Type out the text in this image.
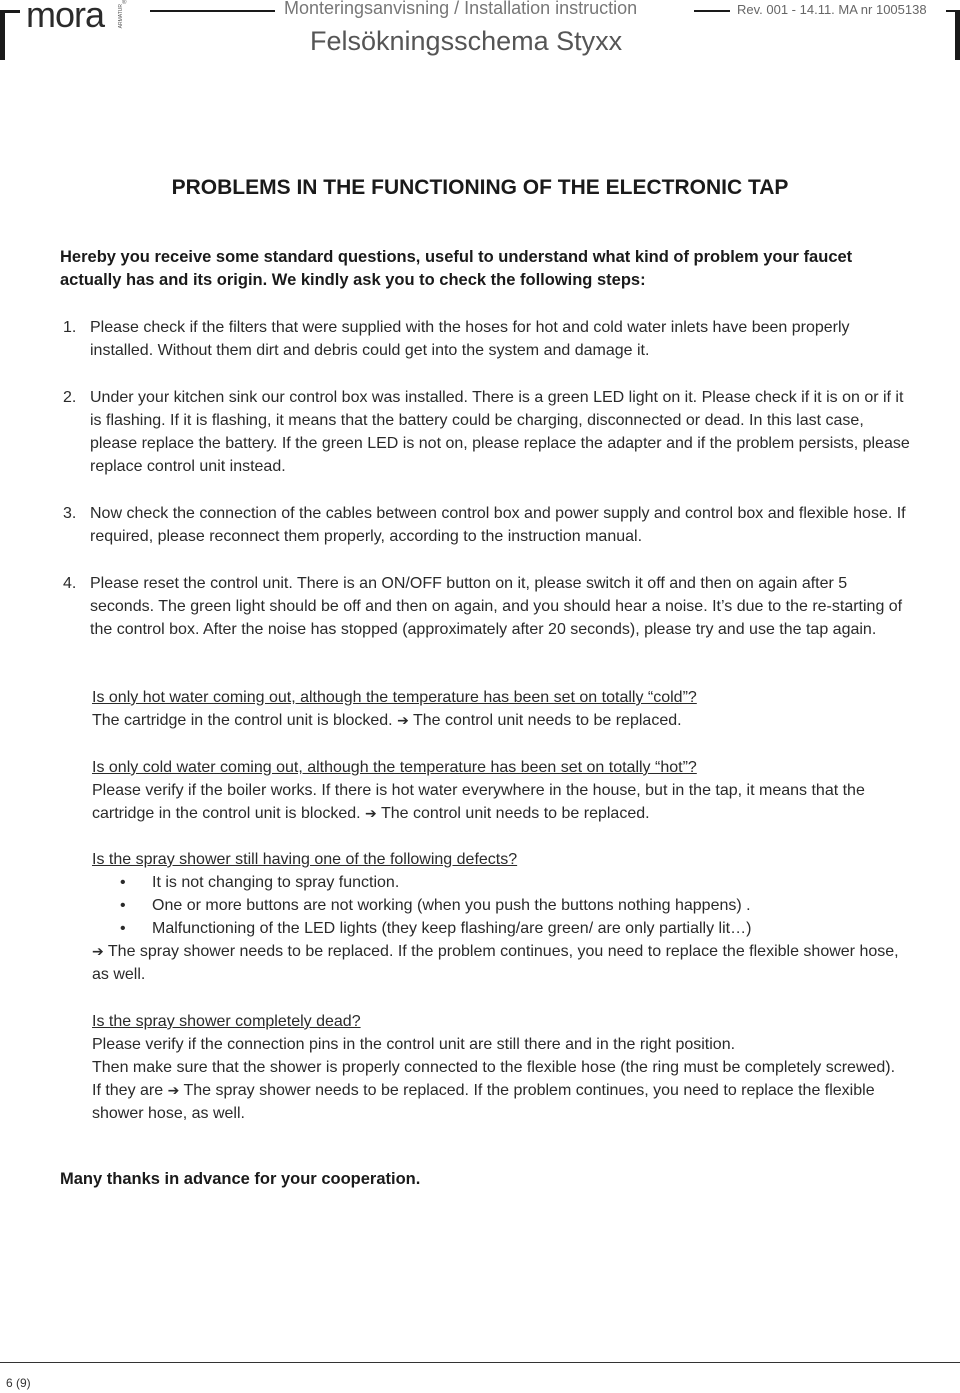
mora	ARMATUR
®	Monteringsanvisning / Installation instruction	Rev. 001 - 14.11. MA nr 1005138
Felsökningsschema Styxx
PROBLEMS IN THE FUNCTIONING OF THE ELECTRONIC TAP
Hereby you receive some standard questions, useful to understand what kind of problem your faucet actually has and its origin. We kindly ask you to check the following steps:
1. Please check if the filters that were supplied with the hoses for hot and cold water inlets have been properly installed. Without them dirt and debris could get into the system and damage it.
2. Under your kitchen sink our control box was installed. There is a green LED light on it. Please check if it is on or if it is flashing. If it is flashing, it means that the battery could be charging, disconnected or dead. In this last case, please replace the battery. If the green LED is not on, please replace the adapter and if the problem persists, please replace control unit instead.
3. Now check the connection of the cables between control box and power supply and control box and flexible hose. If required, please reconnect them properly, according to the instruction manual.
4. Please reset the control unit. There is an ON/OFF button on it, please switch it off and then on again after 5 seconds. The green light should be off and then on again, and you should hear a noise. It’s due to the re-starting of the control box. After the noise has stopped (approximately after 20 seconds), please try and use the tap again.
Is only hot water coming out, although the temperature has been set on totally “cold”?
The cartridge in the control unit is blocked. ➔ The control unit needs to be replaced.
Is only cold water coming out, although the temperature has been set on totally “hot”?
Please verify if the boiler works. If there is hot water everywhere in the house, but in the tap, it means that the cartridge in the control unit is blocked. ➔ The control unit needs to be replaced.
Is the spray shower still having one of the following defects?
•	It is not changing to spray function.
•	One or more buttons are not working (when you push the buttons nothing happens) .
•	Malfunctioning of the LED lights (they keep flashing/are green/ are only partially lit…)
➔ The spray shower needs to be replaced. If the problem continues, you need to replace the flexible shower hose, as well.
Is the spray shower completely dead?
Please verify if the connection pins in the control unit are still there and in the right position.
Then make sure that the shower is properly connected to the flexible hose (the ring must be completely screwed).
If they are ➔ The spray shower needs to be replaced. If the problem continues, you need to replace the flexible shower hose, as well.
Many thanks in advance for your cooperation.
6 (9)
